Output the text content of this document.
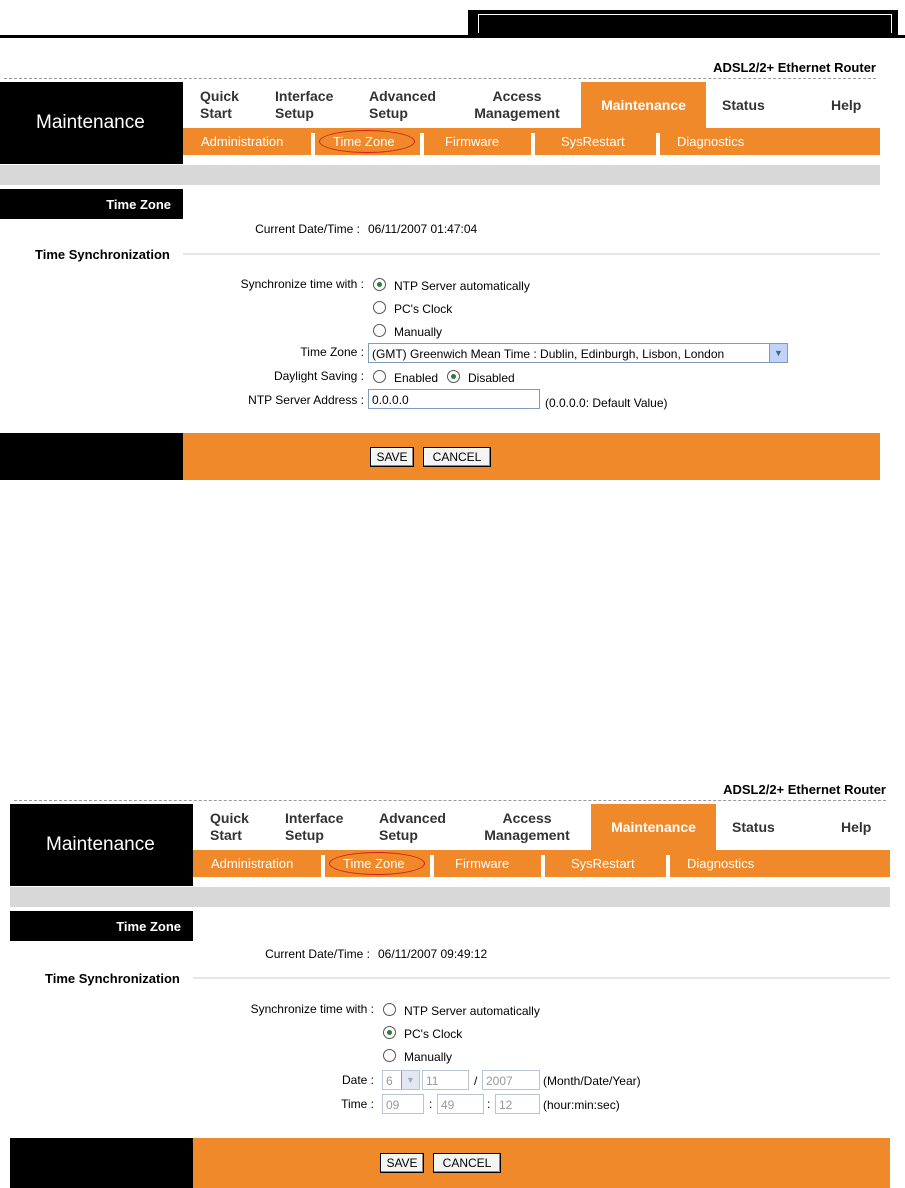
ADSL2/2+ Ethernet Router
Maintenance
Quick Start
Interface Setup
Advanced Setup
Access Management
Maintenance	Status	Help
Administration	Time Zone	Firmware	SysRestart	Diagnostics
Time Zone
Time Synchronization
Current Date/Time : 06/11/2007 01:47:04
Synchronize time with :	NTP Server automatically
PC's Clock
Manually
Time Zone : (GMT) Greenwich Mean Time : Dublin, Edinburgh, Lisbon, London	▼
Daylight Saving :	Enabled Disabled
NTP Server Address : 0.0.0.0	(0.0.0.0: Default Value)
SAVE	CANCEL
ADSL2/2+ Ethernet Router
Maintenance
Quick Start
Interface Setup
Advanced Setup
Access Management
Maintenance	Status	Help
Administration	Time Zone	Firmware	SysRestart	Diagnostics
Time Zone
Time Synchronization
Current Date/Time : 06/11/2007 09:49:12
Synchronize time with :	NTP Server automatically
PC's Clock
Manually
Date :	6	▼ 11	/ 2007	(Month/Date/Year)
Time :	09	: 49	: 12	(hour:min:sec)
SAVE	CANCEL
